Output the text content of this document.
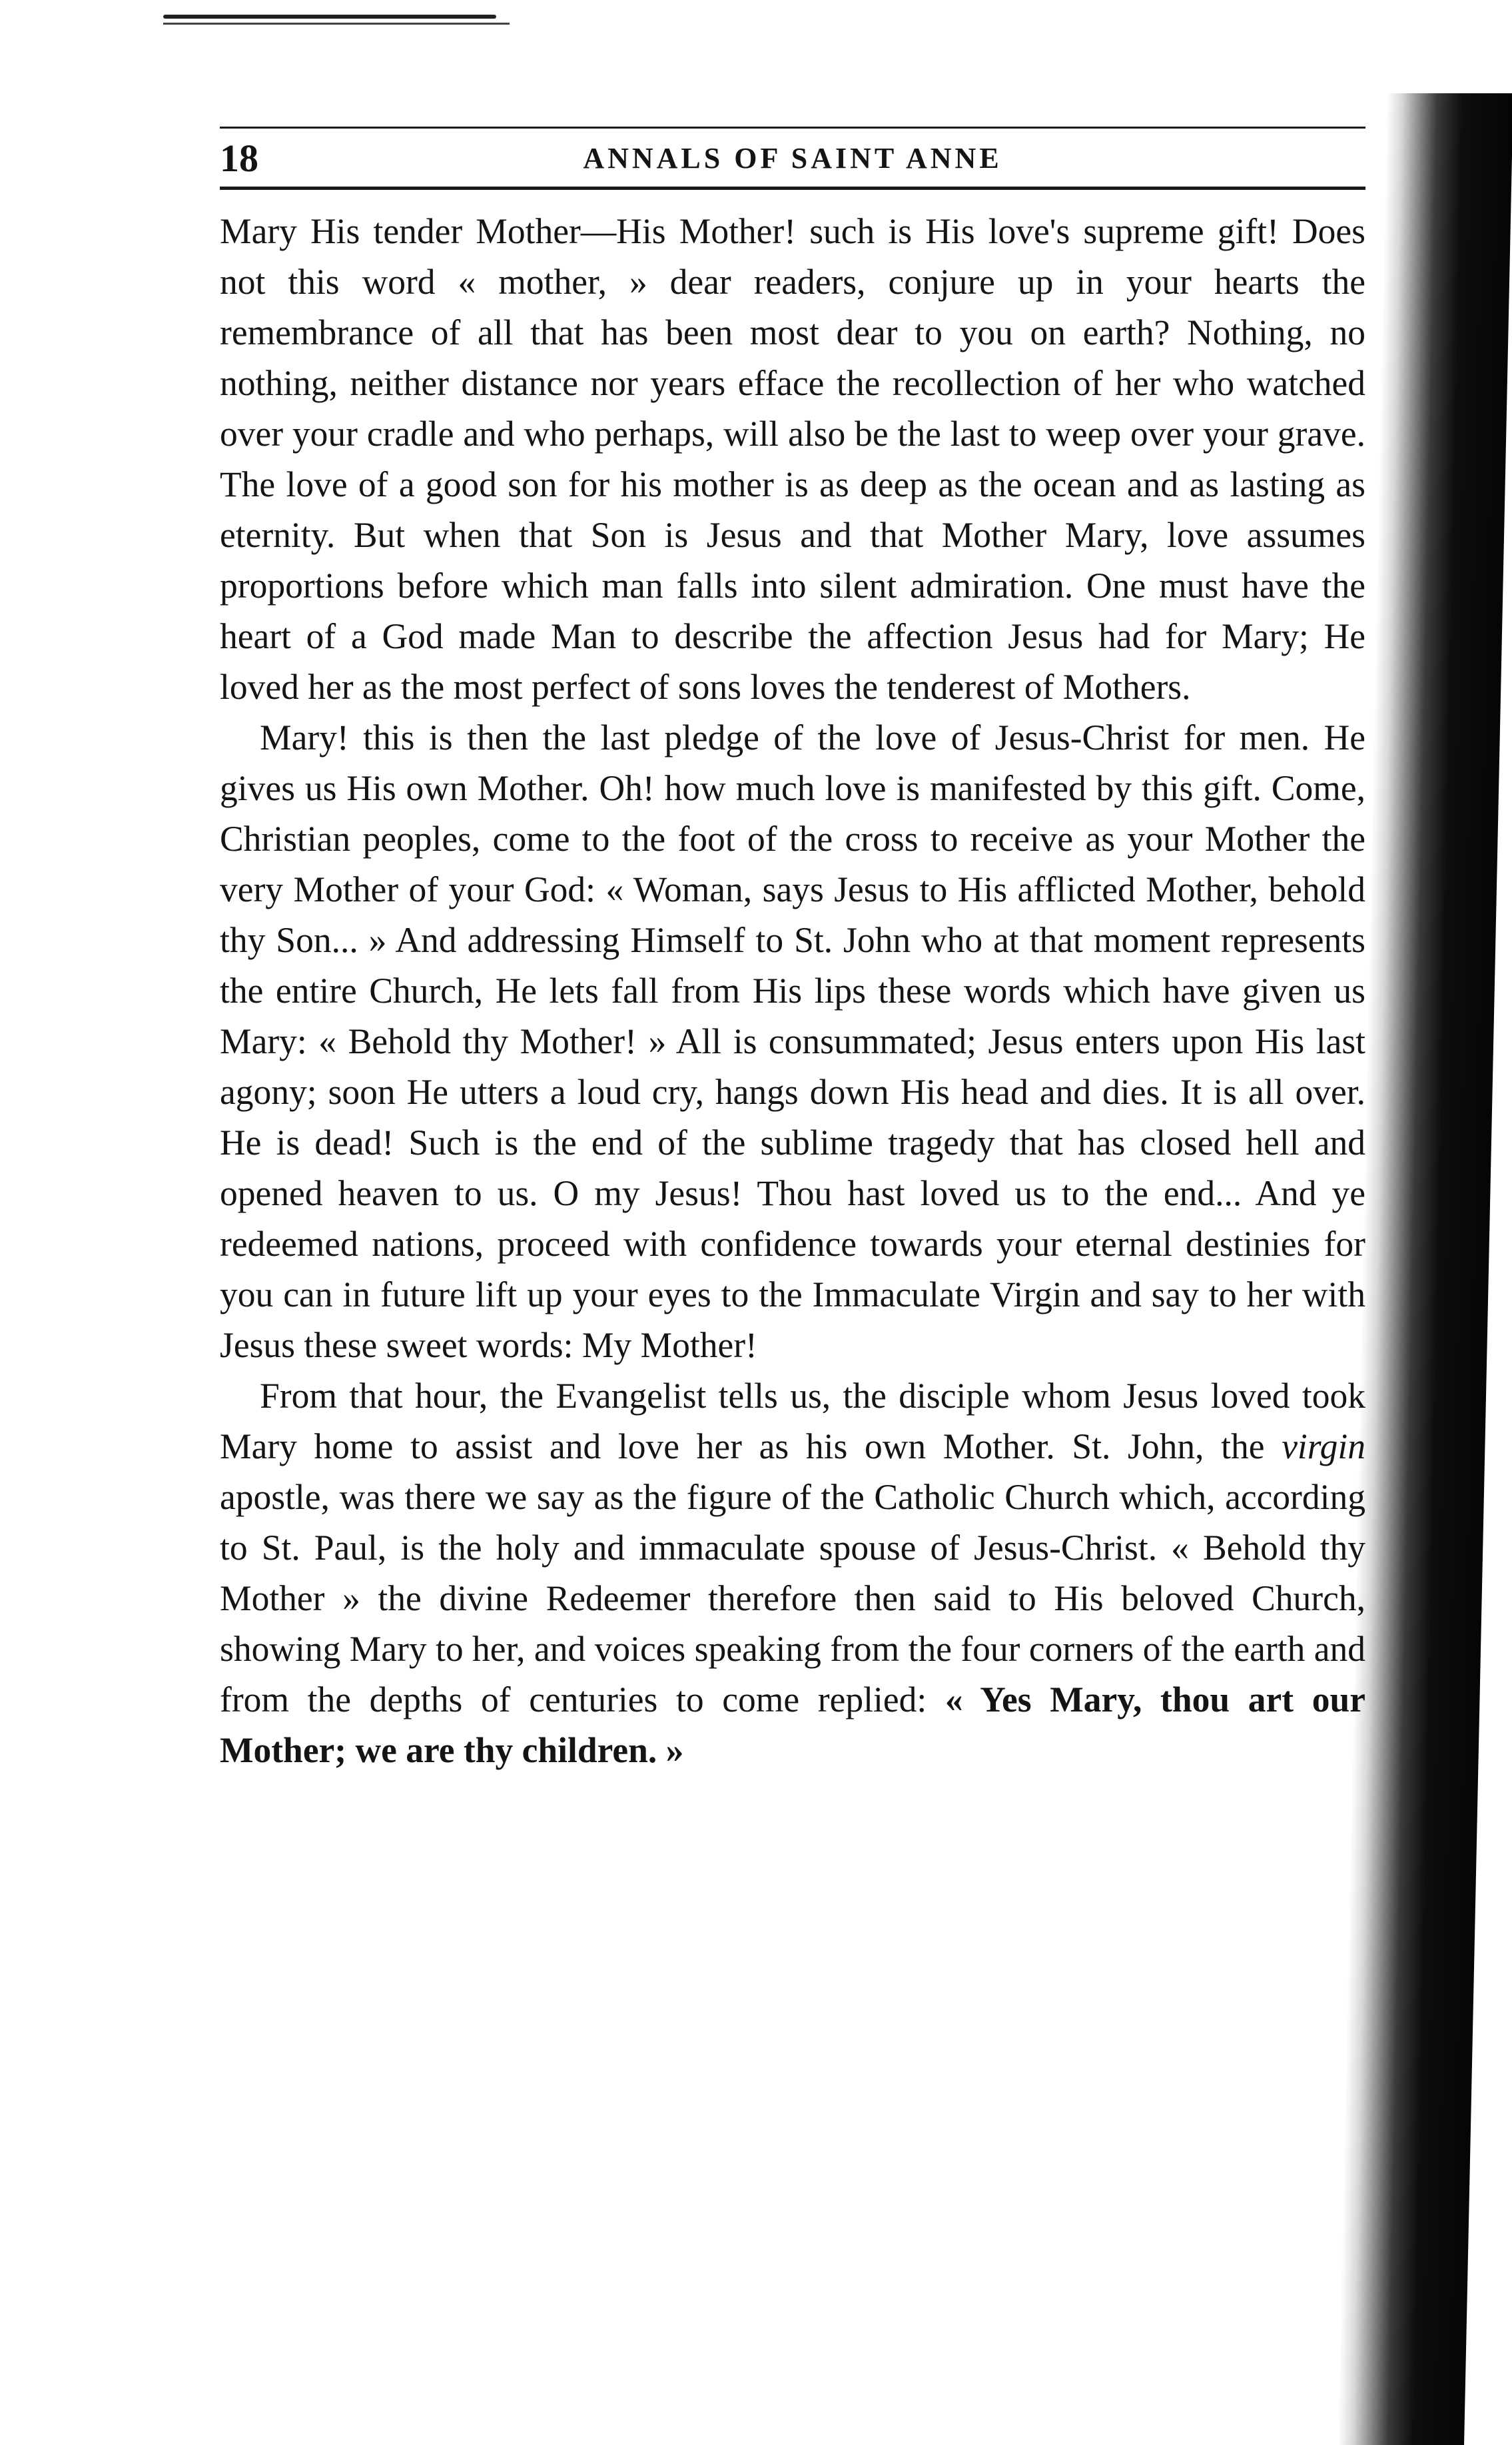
18	ANNALS OF SAINT ANNE

Mary His tender Mother—His Mother! such is His love's supreme gift! Does not this word « mother, » dear readers, conjure up in your hearts the remembrance of all that has been most dear to you on earth? Nothing, no nothing, neither distance nor years efface the recollection of her who watched over your cradle and who perhaps, will also be the last to weep over your grave. The love of a good son for his mother is as deep as the ocean and as lasting as eternity. But when that Son is Jesus and that Mother Mary, love assumes proportions before which man falls into silent admiration. One must have the heart of a God made Man to describe the affection Jesus had for Mary; He loved her as the most perfect of sons loves the tenderest of Mothers.

Mary! this is then the last pledge of the love of Jesus-Christ for men. He gives us His own Mother. Oh! how much love is manifested by this gift. Come, Christian peoples, come to the foot of the cross to receive as your Mother the very Mother of your God: « Woman, says Jesus to His afflicted Mother, behold thy Son... » And addressing Himself to St. John who at that moment represents the entire Church, He lets fall from His lips these words which have given us Mary: « Behold thy Mother! » All is consummated; Jesus enters upon His last agony; soon He utters a loud cry, hangs down His head and dies. It is all over. He is dead! Such is the end of the sublime tragedy that has closed hell and opened heaven to us. O my Jesus! Thou hast loved us to the end... And ye redeemed nations, proceed with confidence towards your eternal destinies for you can in future lift up your eyes to the Immaculate Virgin and say to her with Jesus these sweet words: My Mother!

From that hour, the Evangelist tells us, the disciple whom Jesus loved took Mary home to assist and love her as his own Mother. St. John, the virgin apostle, was there we say as the figure of the Catholic Church which, according to St. Paul, is the holy and immaculate spouse of Jesus-Christ. « Behold thy Mother » the divine Redeemer therefore then said to His beloved Church, showing Mary to her, and voices speaking from the four corners of the earth and from the depths of centuries to come replied: « Yes Mary, thou art our Mother; we are thy children. »
